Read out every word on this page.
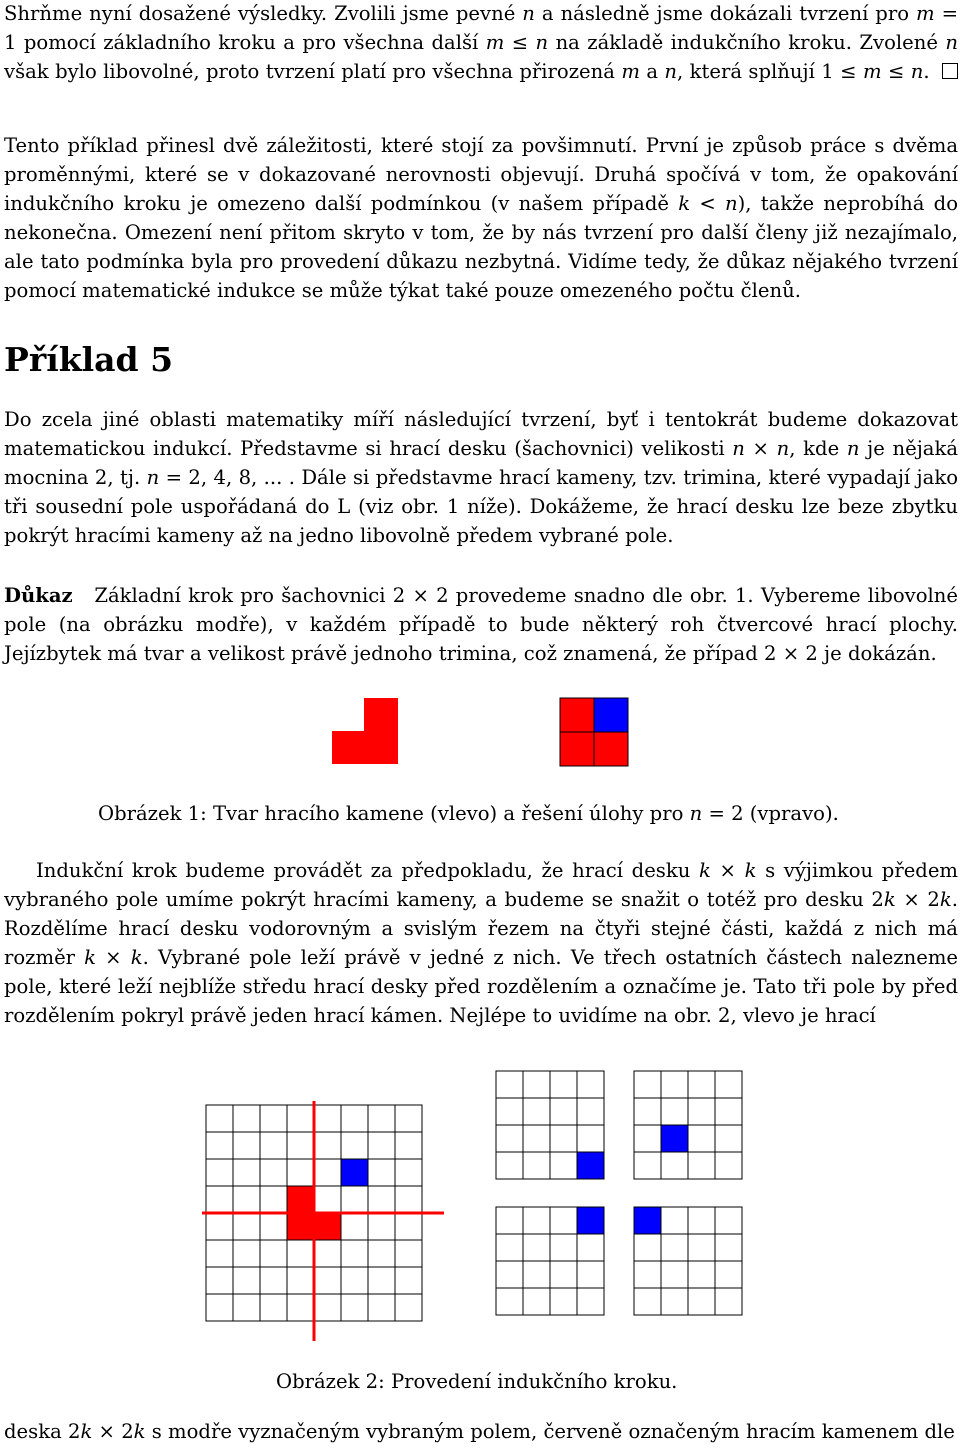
Shrňme nyní dosažené výsledky. Zvolili jsme pevné n a následně jsme dokázali tvrzení pro m = 1 pomocí základního kroku a pro všechna další m ≤ n na základě indukčního kroku. Zvolené n však bylo libovolné, proto tvrzení platí pro všechna přirozená m a n, která splňují 1 ≤ m ≤ n.

Tento příklad přinesl dvě záležitosti, které stojí za povšimnutí. První je způsob práce s dvěma proměnnými, které se v dokazované nerovnosti objevují. Druhá spočívá v tom, že opakování indukčního kroku je omezeno další podmínkou (v našem případě k < n), takže neprobíhá do nekonečna. Omezení není přitom skryto v tom, že by nás tvrzení pro další členy již nezajímalo, ale tato podmínka byla pro provedení důkazu nezbytná. Vidíme tedy, že důkaz nějakého tvrzení pomocí matematické indukce se může týkat také pouze omezeného počtu členů.

Příklad 5

Do zcela jiné oblasti matematiky míří následující tvrzení, byť i tentokrát budeme dokazovat matematickou indukcí. Představme si hrací desku (šachovnici) velikosti n × n, kde n je nějaká mocnina 2, tj. n = 2, 4, 8, ... . Dále si představme hrací kameny, tzv. trimina, které vypadají jako tři sousední pole uspořádaná do L (viz obr. 1 níže). Dokážeme, že hrací desku lze beze zbytku pokrýt hracími kameny až na jedno libovolně předem vybrané pole.

Důkaz Základní krok pro šachovnici 2 × 2 provedeme snadno dle obr. 1. Vybereme libovolné pole (na obrázku modře), v každém případě to bude některý roh čtvercové hrací plochy. Jejízbytek má tvar a velikost právě jednoho trimina, což znamená, že případ 2 × 2 je dokázán.

Obrázek 1: Tvar hracího kamene (vlevo) a řešení úlohy pro n = 2 (vpravo).

Indukční krok budeme provádět za předpokladu, že hrací desku k × k s výjimkou předem vybraného pole umíme pokrýt hracími kameny, a budeme se snažit o totéž pro desku 2k × 2k. Rozdělíme hrací desku vodorovným a svislým řezem na čtyři stejné části, každá z nich má rozměr k × k. Vybrané pole leží právě v jedné z nich. Ve třech ostatních částech nalezneme pole, které leží nejblíže středu hrací desky před rozdělením a označíme je. Tato tři pole by před rozdělením pokryl právě jeden hrací kámen. Nejlépe to uvidíme na obr. 2, vlevo je hrací

Obrázek 2: Provedení indukčního kroku.

deska 2k × 2k s modře vyznačeným vybraným polem, červeně označeným hracím kamenem dle
